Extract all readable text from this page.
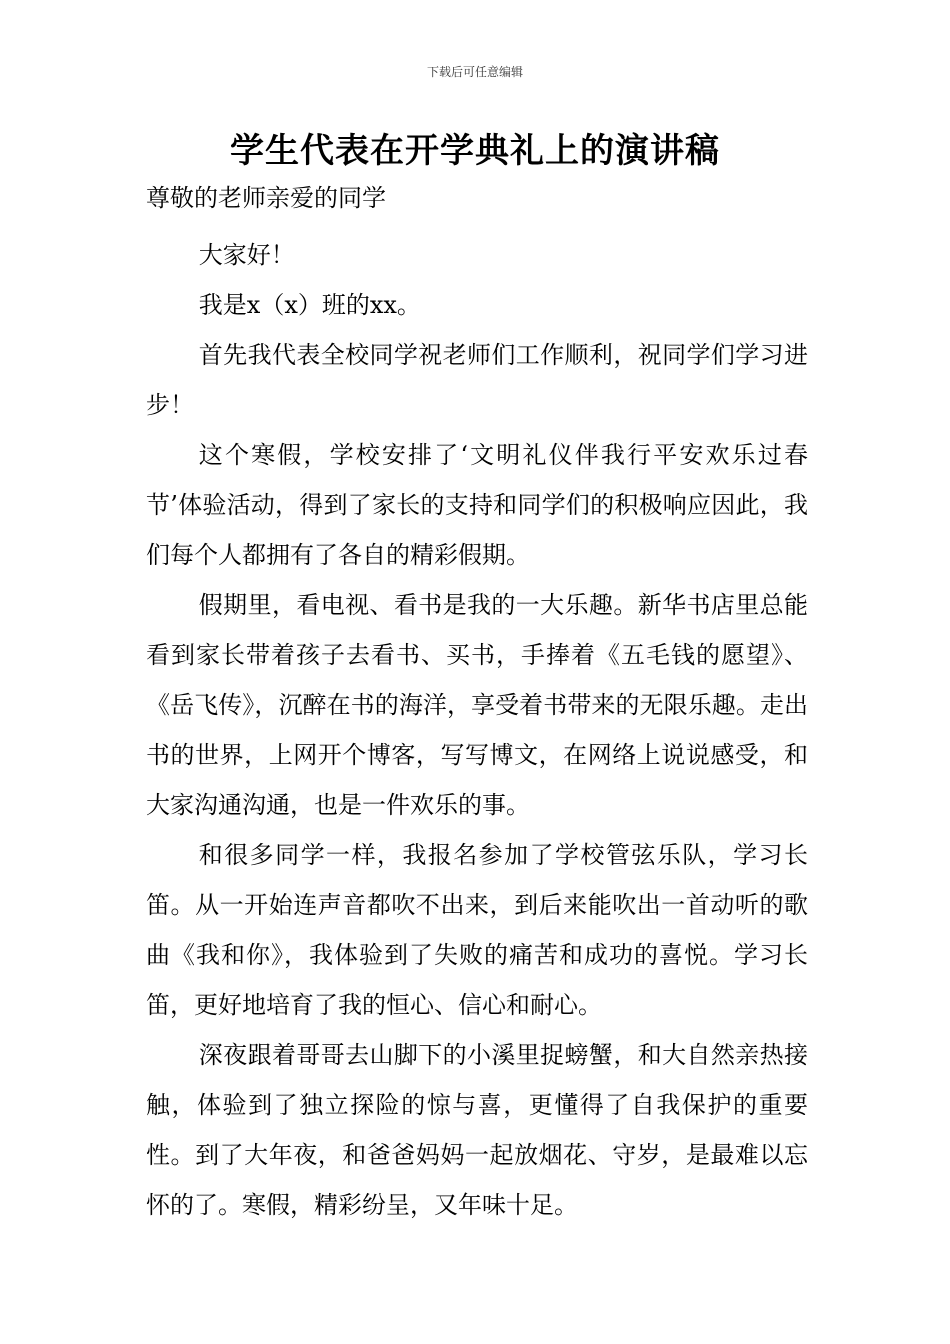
下载后可任意编辑
学生代表在开学典礼上的演讲稿

尊敬的老师亲爱的同学

大家好！

我是x（x）班的xx。

首先我代表全校同学祝老师们工作顺利，祝同学们学习进步！

这个寒假，学校安排了‘文明礼仪伴我行平安欢乐过春节’体验活动，得到了家长的支持和同学们的积极响应因此，我们每个人都拥有了各自的精彩假期。

假期里，看电视、看书是我的一大乐趣。新华书店里总能看到家长带着孩子去看书、买书，手捧着《五毛钱的愿望》、《岳飞传》，沉醉在书的海洋，享受着书带来的无限乐趣。走出书的世界，上网开个博客，写写博文，在网络上说说感受，和大家沟通沟通，也是一件欢乐的事。

和很多同学一样，我报名参加了学校管弦乐队，学习长笛。从一开始连声音都吹不出来，到后来能吹出一首动听的歌曲《我和你》，我体验到了失败的痛苦和成功的喜悦。学习长笛，更好地培育了我的恒心、信心和耐心。

深夜跟着哥哥去山脚下的小溪里捉螃蟹，和大自然亲热接触，体验到了独立探险的惊与喜，更懂得了自我保护的重要性。到了大年夜，和爸爸妈妈一起放烟花、守岁，是最难以忘怀的了。寒假，精彩纷呈，又年味十足。
